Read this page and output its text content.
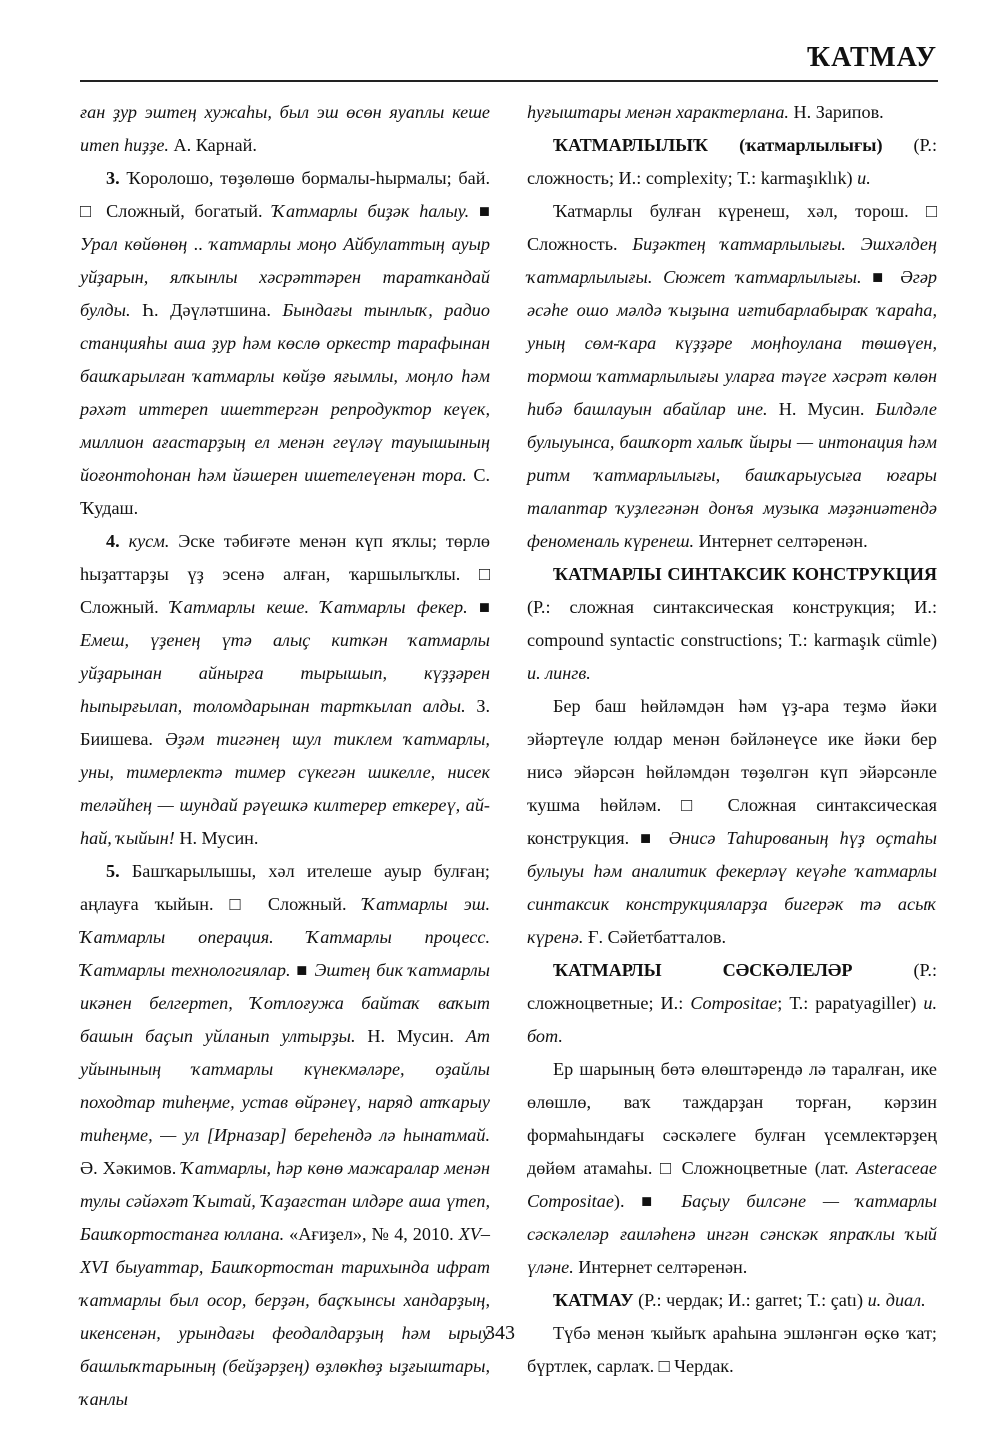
ҠАТМАУ

ған ҙур эштең хужаһы, был эш өсөн яуаплы кеше итеп һиҙҙе. А. Карнай.

3. Ҡоролошо, төҙөлөшө бормалы-һырмалы; бай. □ Сложный, богатый. Ҡатмарлы биҙәк һалыу. ■ Урал көйөнөң .. ҡатмарлы моңо Айбулаттың ауыр уйҙарын, ялҡынлы хәсрәттәрен тараткандай булды. Һ. Дәүләтшина. Бындағы тынлыҡ, радио станцияһы аша ҙур һәм көслө оркестр тарафынан башҡарылған ҡатмарлы көйҙө яғымлы, моңло һәм рәхәт иттереп ишеттергән репродуктор кеүек, миллион ағастарҙың ел менән геүләү тауышының йоғонтоһонан һәм йәшерен ишетелеүенән тора. С. Ҡудаш.

4. кусм. Эске тәбиғәте менән күп яҡлы; төрлө һыҙаттарҙы үҙ эсенә алған, ҡаршылыҡлы. □ Сложный. Ҡатмарлы кеше. Ҡатмарлы фекер. ■ Емеш, үҙенең үтә алыҫ киткән ҡатмарлы уйҙарынан айнырға тырышып, күҙҙәрен һыпырғылап, толомдарынан тарткылап алды. З. Биишева. Әҙәм тигәнең шул тиклем ҡатмарлы, уны, тимерлектә тимер сүкегән шикелле, нисек теләйһең — шундай рәүешкә килтерер еткереү, ай-һай, ҡыйын! Н. Мусин.

5. Башҡарылышы, хәл ителеше ауыр булған; аңлауға ҡыйын. □ Сложный. Ҡатмарлы эш. Ҡатмарлы операция. Ҡатмарлы процесс. Ҡатмарлы технологиялар. ■ Эштең бик ҡатмарлы икәнен белгертеп, Ҡотлоғужа байтаҡ ваҡыт башын баҫып уйланып ултырҙы. Н. Мусин. Ат уйынының ҡатмарлы күнекмәләре, оҙайлы походтар тиһеңме, устав өйрәнеү, наряд атҡарыу тиһеңме, — ул [Ирназар] береһендә лә һынатмай. Ә. Хәкимов. Ҡатмарлы, һәр көнө мажаралар менән тулы сәйәхәт Ҡытай, Ҡаҙағстан илдәре аша үтеп, Башҡортостанға юллана. «Ағиҙел», № 4, 2010. XV–XVI быуаттар, Башҡортостан тарихында ифрат ҡатмарлы был осор, берҙән, баҫҡынсы хандарҙың, икенсенән, урындағы феодалдарҙың һәм ырыу башлыҡтарының (бейҙәрҙең) өҙлөкһөҙ ыҙғыштары, ҡанлы

һуғыштары менән характерлана. Н. Зарипов.

ҠАТМАРЛЫЛЫҠ (ҡатмарлылығы) (Р.: сложность; И.: complexity; Т.: karmaşıklık) и.

Ҡатмарлы булған күренеш, хәл, торош. □ Сложность. Биҙәктең ҡатмарлылығы. Эшхәлдең ҡатмарлылығы. Сюжет ҡатмарлылығы. ■ Әгәр әсәһе ошо мәлдә ҡыҙына иғтибарлабыраҡ ҡараһа, уның сөм-ҡара күҙҙәре моңһоулана төшөүен, тормош ҡатмарлылығы уларға тәүге хәсрәт көлөн һибә башлауын абайлар ине. Н. Мусин. Билдәле булыуынса, башҡорт халыҡ йыры — интонация һәм ритм ҡатмарлылығы, башҡарыусыға юғары талаптар ҡуҙлегәнән донъя музыка мәҙәниәтендә феноменаль күренеш. Интернет селтәренән.

ҠАТМАРЛЫ СИНТАКСИК КОНСТРУКЦИЯ (Р.: сложная синтаксическая конструкция; И.: compound syntactic constructions; Т.: karmaşık cümle) и. лингв.

Бер баш һөйләмдән һәм үҙ-ара теҙмә йәки эйәртеүле юлдар менән бәйләнеүсе ике йәки бер нисә эйәрсән һөйләмдән төҙөлгән күп эйәрсәнле ҡушма һөйләм. □ Сложная синтаксическая конструкция. ■ Әнисә Таһированың һүҙ оҫтаһы булыуы һәм аналитик фекерләү кеүәһе ҡатмарлы синтаксик конструкцияларҙа бигерәк тә асыҡ күренә. Ғ. Сәйетбатталов.

ҠАТМАРЛЫ СӘСКӘЛЕЛӘР (Р.: сложноцветные; И.: Compositae; Т.: papatyagiller) и. бот.

Ер шарының бөтә өлөштәрендә лә таралған, ике өлөшлө, ваҡ таждарҙан торған, кәрзин формаһындағы сәскәлеге булған үсемлектәрҙең дөйөм атамаһы. □ Сложноцветные (лат. Asteraceae Compositae). ■ Баҫыу билсәне — ҡатмарлы сәскәлеләр ғаиләһенә ингән сәнскәк япраҡлы ҡый үләне. Интернет селтәренән.

ҠАТМАУ (Р.: чердак; И.: garret; Т.: çatı) и. диал.

Түбә менән ҡыйыҡ араһына эшләнгән өҫкө ҡат; бүртлек, сарлаҡ. □ Чердак.

343
